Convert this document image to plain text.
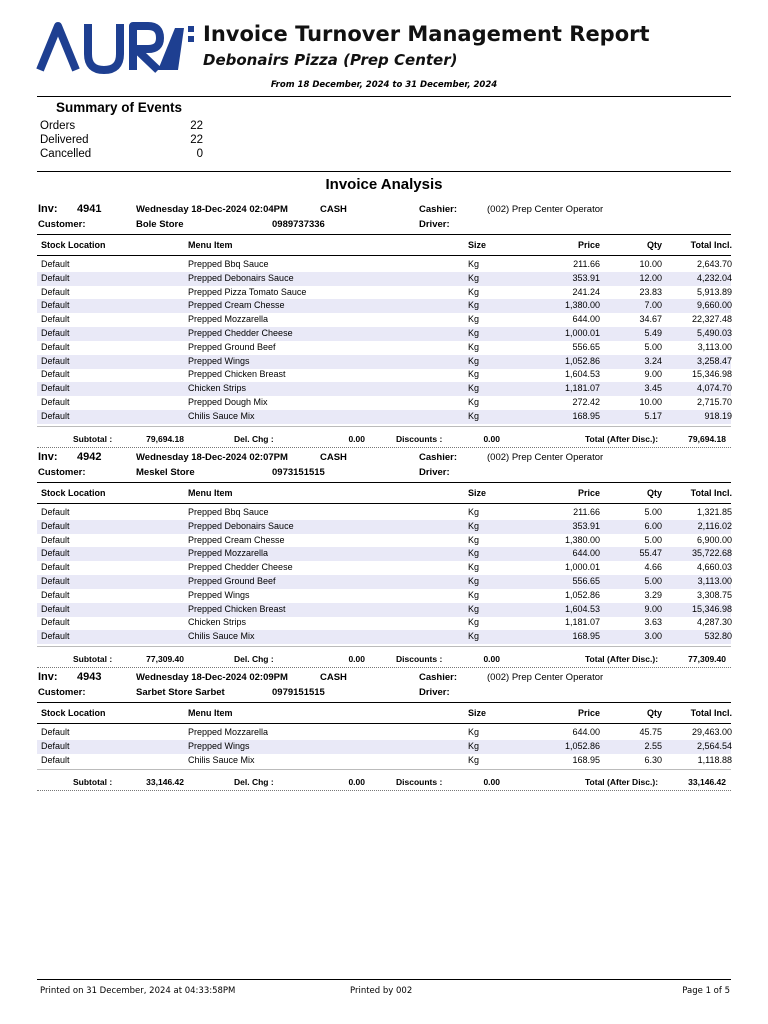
Invoice Turnover Management Report
Debonairs Pizza (Prep Center)
From 18 December, 2024 to 31 December, 2024
Summary of Events
Orders	22
Delivered	22
Cancelled	0
Invoice Analysis
Inv: 4941	Wednesday 18-Dec-2024 02:04PM	CASH	Cashier:	(002) Prep Center Operator
Customer:	Bole Store	0989737336	Driver:
Stock Location	Menu Item	Size	Price	Qty	Total Incl.
Default	Prepped Bbq Sauce	Kg	211.66	10.00	2,643.70
Default	Prepped Debonairs Sauce	Kg	353.91	12.00	4,232.04
Default	Prepped Pizza Tomato Sauce	Kg	241.24	23.83	5,913.89
Default	Prepped Cream Chesse	Kg	1,380.00	7.00	9,660.00
Default	Prepped Mozzarella	Kg	644.00	34.67	22,327.48
Default	Prepped Chedder Cheese	Kg	1,000.01	5.49	5,490.03
Default	Prepped Ground Beef	Kg	556.65	5.00	3,113.00
Default	Prepped Wings	Kg	1,052.86	3.24	3,258.47
Default	Prepped Chicken Breast	Kg	1,604.53	9.00	15,346.98
Default	Chicken Strips	Kg	1,181.07	3.45	4,074.70
Default	Prepped Dough Mix	Kg	272.42	10.00	2,715.70
Default	Chilis Sauce Mix	Kg	168.95	5.17	918.19
Subtotal :	79,694.18	Del. Chg :	0.00	Discounts :	0.00	Total (After Disc.):	79,694.18
Inv: 4942	Wednesday 18-Dec-2024 02:07PM	CASH	Cashier:	(002) Prep Center Operator
Customer:	Meskel Store	0973151515	Driver:
Stock Location	Menu Item	Size	Price	Qty	Total Incl.
Default	Prepped Bbq Sauce	Kg	211.66	5.00	1,321.85
Default	Prepped Debonairs Sauce	Kg	353.91	6.00	2,116.02
Default	Prepped Cream Chesse	Kg	1,380.00	5.00	6,900.00
Default	Prepped Mozzarella	Kg	644.00	55.47	35,722.68
Default	Prepped Chedder Cheese	Kg	1,000.01	4.66	4,660.03
Default	Prepped Ground Beef	Kg	556.65	5.00	3,113.00
Default	Prepped Wings	Kg	1,052.86	3.29	3,308.75
Default	Prepped Chicken Breast	Kg	1,604.53	9.00	15,346.98
Default	Chicken Strips	Kg	1,181.07	3.63	4,287.30
Default	Chilis Sauce Mix	Kg	168.95	3.00	532.80
Subtotal :	77,309.40	Del. Chg :	0.00	Discounts :	0.00	Total (After Disc.):	77,309.40
Inv: 4943	Wednesday 18-Dec-2024 02:09PM	CASH	Cashier:	(002) Prep Center Operator
Customer:	Sarbet Store Sarbet	0979151515	Driver:
Stock Location	Menu Item	Size	Price	Qty	Total Incl.
Default	Prepped Mozzarella	Kg	644.00	45.75	29,463.00
Default	Prepped Wings	Kg	1,052.86	2.55	2,564.54
Default	Chilis Sauce Mix	Kg	168.95	6.30	1,118.88
Subtotal :	33,146.42	Del. Chg :	0.00	Discounts :	0.00	Total (After Disc.):	33,146.42
Printed on 31 December, 2024 at 04:33:58PM	Printed by 002	Page 1 of 5
